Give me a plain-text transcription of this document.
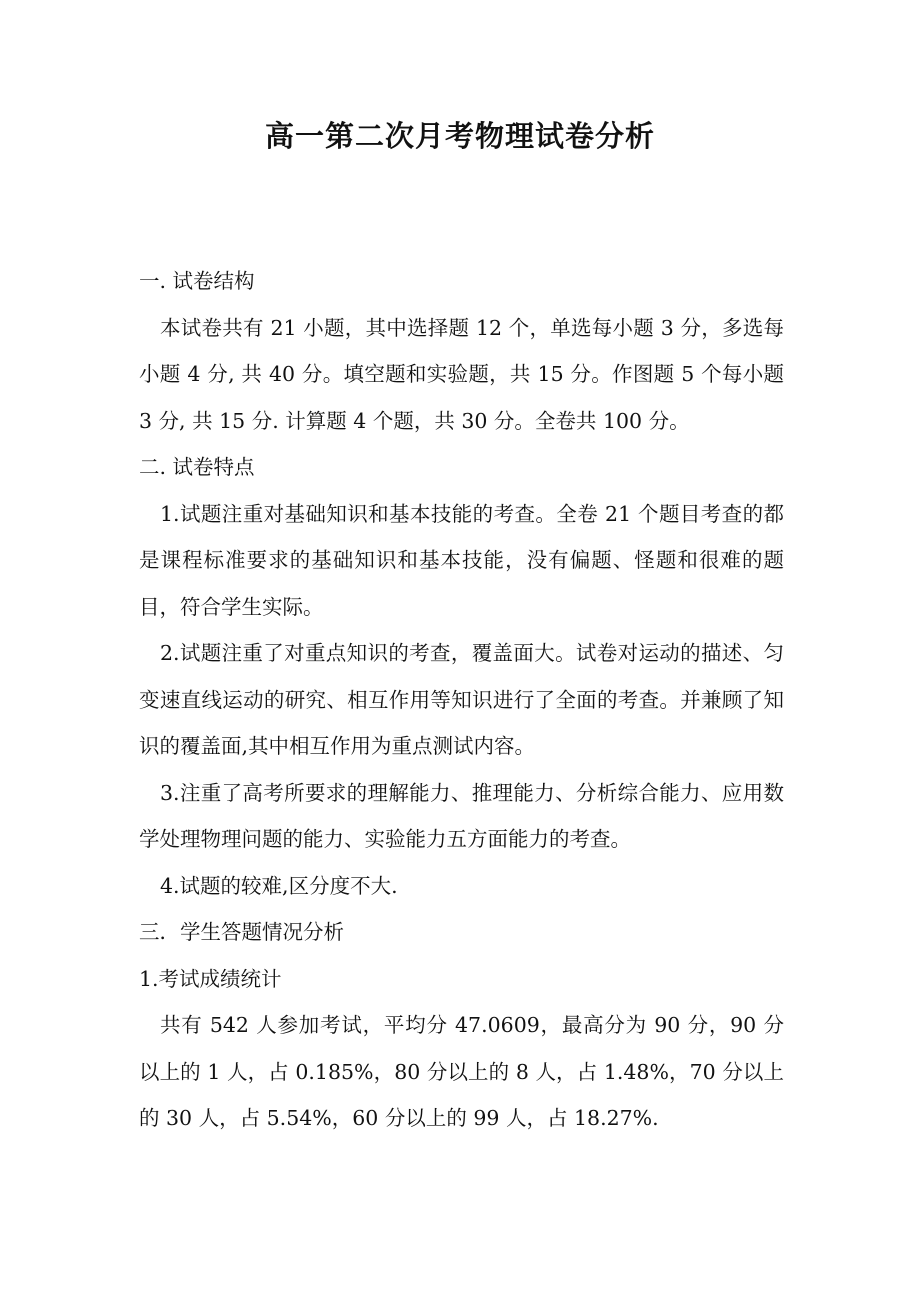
高一第二次月考物理试卷分析

一. 试卷结构

本试卷共有 21 小题，其中选择题 12 个，单选每小题 3 分，多选每小题 4 分, 共 40 分。填空题和实验题，共 15 分。作图题 5 个每小题 3 分, 共 15 分. 计算题 4 个题，共 30 分。全卷共 100 分。

二. 试卷特点

1.试题注重对基础知识和基本技能的考查。全卷 21 个题目考查的都是课程标准要求的基础知识和基本技能，没有偏题、怪题和很难的题目，符合学生实际。

2.试题注重了对重点知识的考查，覆盖面大。试卷对运动的描述、匀变速直线运动的研究、相互作用等知识进行了全面的考查。并兼顾了知识的覆盖面,其中相互作用为重点测试内容。

3.注重了高考所要求的理解能力、推理能力、分析综合能力、应用数学处理物理问题的能力、实验能力五方面能力的考查。

4.试题的较难,区分度不大.

三．学生答题情况分析

1.考试成绩统计

共有 542 人参加考试，平均分 47.0609，最高分为 90 分，90 分以上的 1 人，占 0.185%，80 分以上的 8 人，占 1.48%，70 分以上的 30 人，占 5.54%，60 分以上的 99 人，占 18.27%.
